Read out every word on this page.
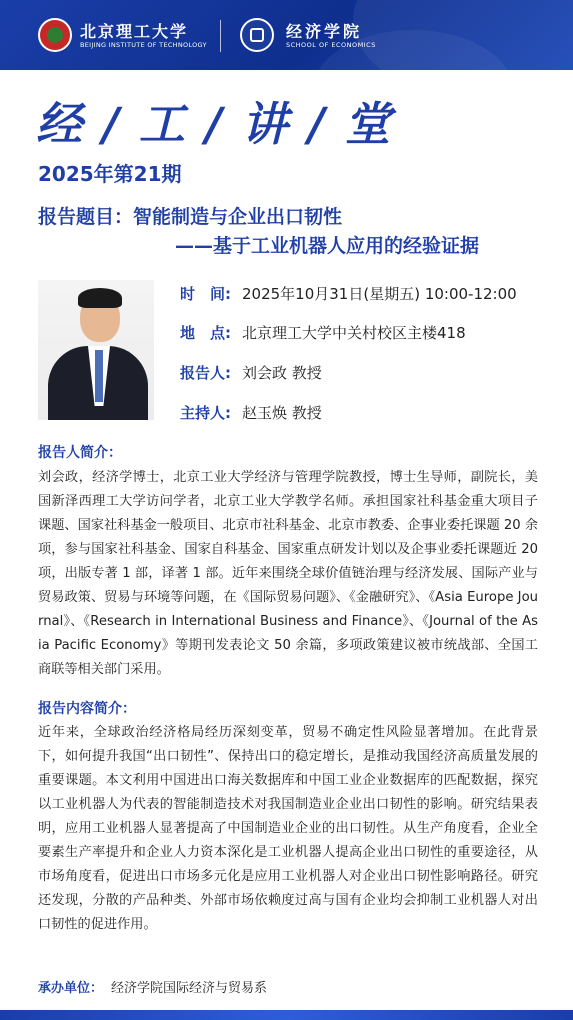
北京理工大学
BEIJING INSTITUTE OF TECHNOLOGY
经济学院
SCHOOL OF ECONOMICS
经 / 工 / 讲 / 堂
2025年第21期
报告题目：智能制造与企业出口韧性
——基于工业机器人应用的经验证据
时　间: 2025年10月31日(星期五) 10:00-12:00
地　点: 北京理工大学中关村校区主楼418
报告人: 刘会政 教授
主持人: 赵玉焕 教授
报告人简介：
刘会政，经济学博士，北京工业大学经济与管理学院教授，博士生导师，副院长，美国新泽西理工大学访问学者，北京工业大学教学名师。承担国家社科基金重大项目子课题、国家社科基金一般项目、北京市社科基金、北京市教委、企事业委托课题 20 余项，参与国家社科基金、国家自科基金、国家重点研发计划以及企事业委托课题近 20 项，出版专著 1 部，译著 1 部。近年来围绕全球价值链治理与经济发展、国际产业与贸易政策、贸易与环境等问题，在《国际贸易问题》、《金融研究》、《Asia Europe Journal》、《Research in International Business and Finance》、《Journal of the Asia Pacific Economy》等期刊发表论文 50 余篇，多项政策建议被市统战部、全国工商联等相关部门采用。
报告内容简介：
近年来，全球政治经济格局经历深刻变革，贸易不确定性风险显著增加。在此背景下，如何提升我国“出口韧性”、保持出口的稳定增长，是推动我国经济高质量发展的重要课题。本文利用中国进出口海关数据库和中国工业企业数据库的匹配数据，探究以工业机器人为代表的智能制造技术对我国制造业企业出口韧性的影响。研究结果表明，应用工业机器人显著提高了中国制造业企业的出口韧性。从生产角度看，企业全要素生产率提升和企业人力资本深化是工业机器人提高企业出口韧性的重要途径，从市场角度看，促进出口市场多元化是应用工业机器人对企业出口韧性影响路径。研究还发现，分散的产品种类、外部市场依赖度过高与国有企业均会抑制工业机器人对出口韧性的促进作用。
承办单位： 经济学院国际经济与贸易系
